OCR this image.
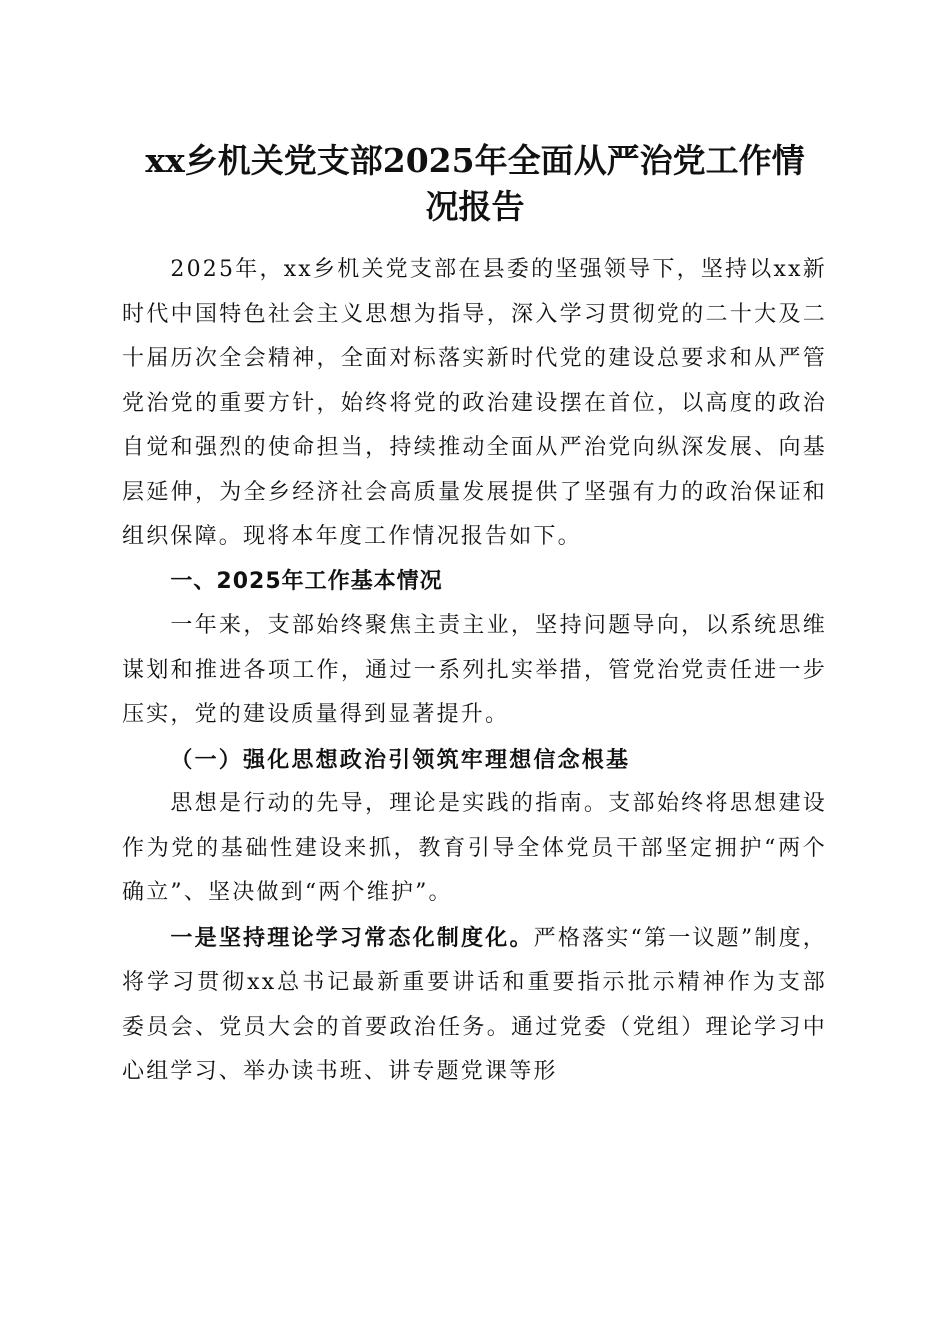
xx乡机关党支部2025年全面从严治党工作情
况报告

2025年，xx乡机关党支部在县委的坚强领导下，坚持以xx新时代中国特色社会主义思想为指导，深入学习贯彻党的二十大及二十届历次全会精神，全面对标落实新时代党的建设总要求和从严管党治党的重要方针，始终将党的政治建设摆在首位，以高度的政治自觉和强烈的使命担当，持续推动全面从严治党向纵深发展、向基层延伸，为全乡经济社会高质量发展提供了坚强有力的政治保证和组织保障。现将本年度工作情况报告如下。

一、2025年工作基本情况

一年来，支部始终聚焦主责主业，坚持问题导向，以系统思维谋划和推进各项工作，通过一系列扎实举措，管党治党责任进一步压实，党的建设质量得到显著提升。

（一）强化思想政治引领筑牢理想信念根基

思想是行动的先导，理论是实践的指南。支部始终将思想建设作为党的基础性建设来抓，教育引导全体党员干部坚定拥护“两个确立”、坚决做到“两个维护”。

一是坚持理论学习常态化制度化。严格落实“第一议题”制度，将学习贯彻xx总书记最新重要讲话和重要指示批示精神作为支部委员会、党员大会的首要政治任务。通过党委（党组）理论学习中心组学习、举办读书班、讲专题党课等形
